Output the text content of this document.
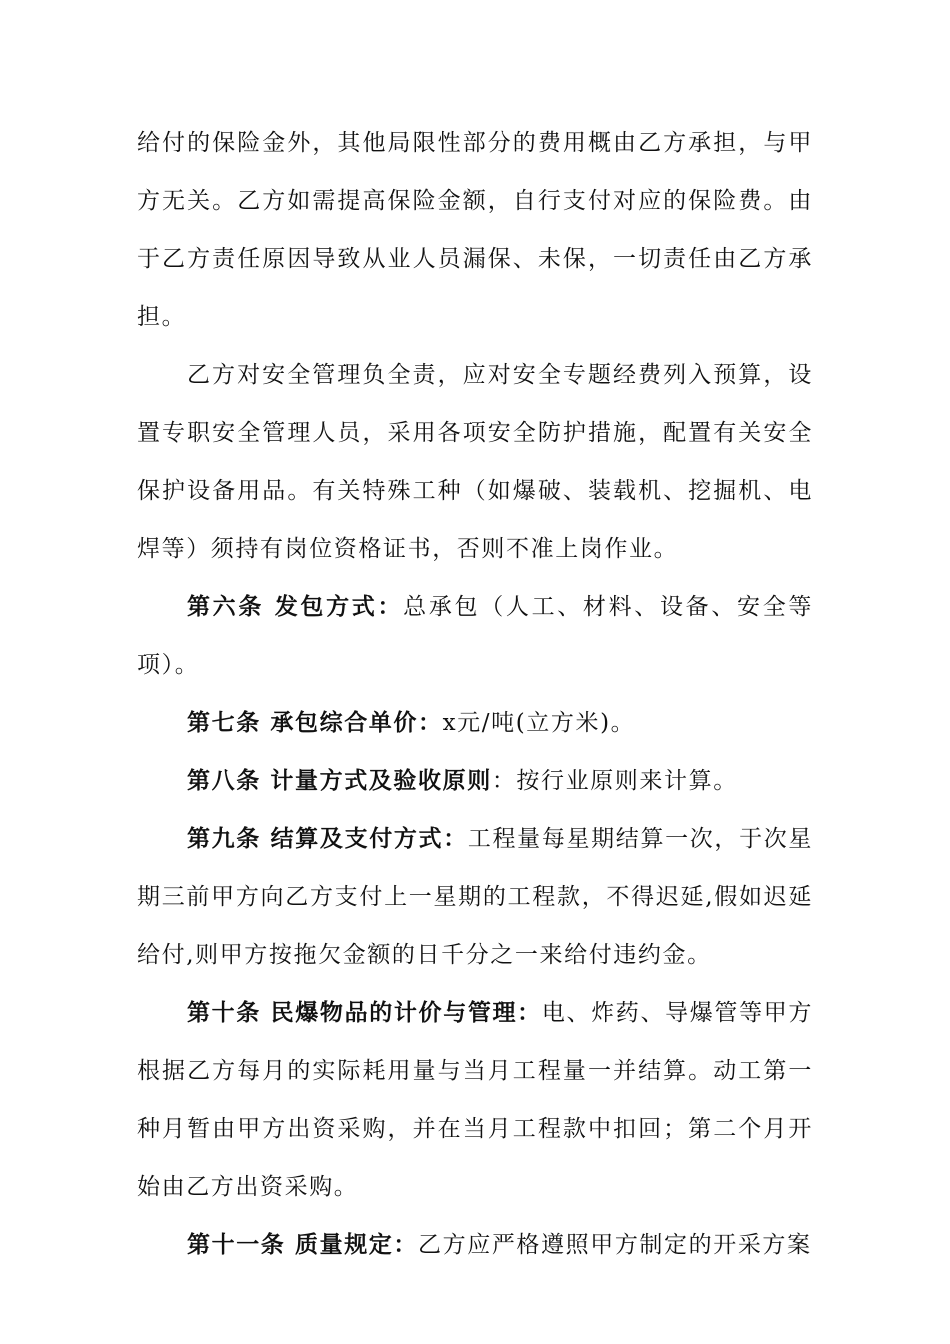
给付的保险金外，其他局限性部分的费用概由乙方承担，与甲方无关。乙方如需提高保险金额，自行支付对应的保险费。由于乙方责任原因导致从业人员漏保、未保，一切责任由乙方承担。

乙方对安全管理负全责，应对安全专题经费列入预算，设置专职安全管理人员，采用各项安全防护措施，配置有关安全保护设备用品。有关特殊工种（如爆破、装载机、挖掘机、电焊等）须持有岗位资格证书，否则不准上岗作业。

第六条 发包方式：总承包（人工、材料、设备、安全等项）。

第七条 承包综合单价：x元/吨(立方米)。

第八条 计量方式及验收原则：按行业原则来计算。

第九条 结算及支付方式：工程量每星期结算一次，于次星期三前甲方向乙方支付上一星期的工程款，不得迟延,假如迟延给付,则甲方按拖欠金额的日千分之一来给付违约金。

第十条 民爆物品的计价与管理：电、炸药、导爆管等甲方根据乙方每月的实际耗用量与当月工程量一并结算。动工第一种月暂由甲方出资采购，并在当月工程款中扣回；第二个月开始由乙方出资采购。

第十一条 质量规定：乙方应严格遵照甲方制定的开采方案
